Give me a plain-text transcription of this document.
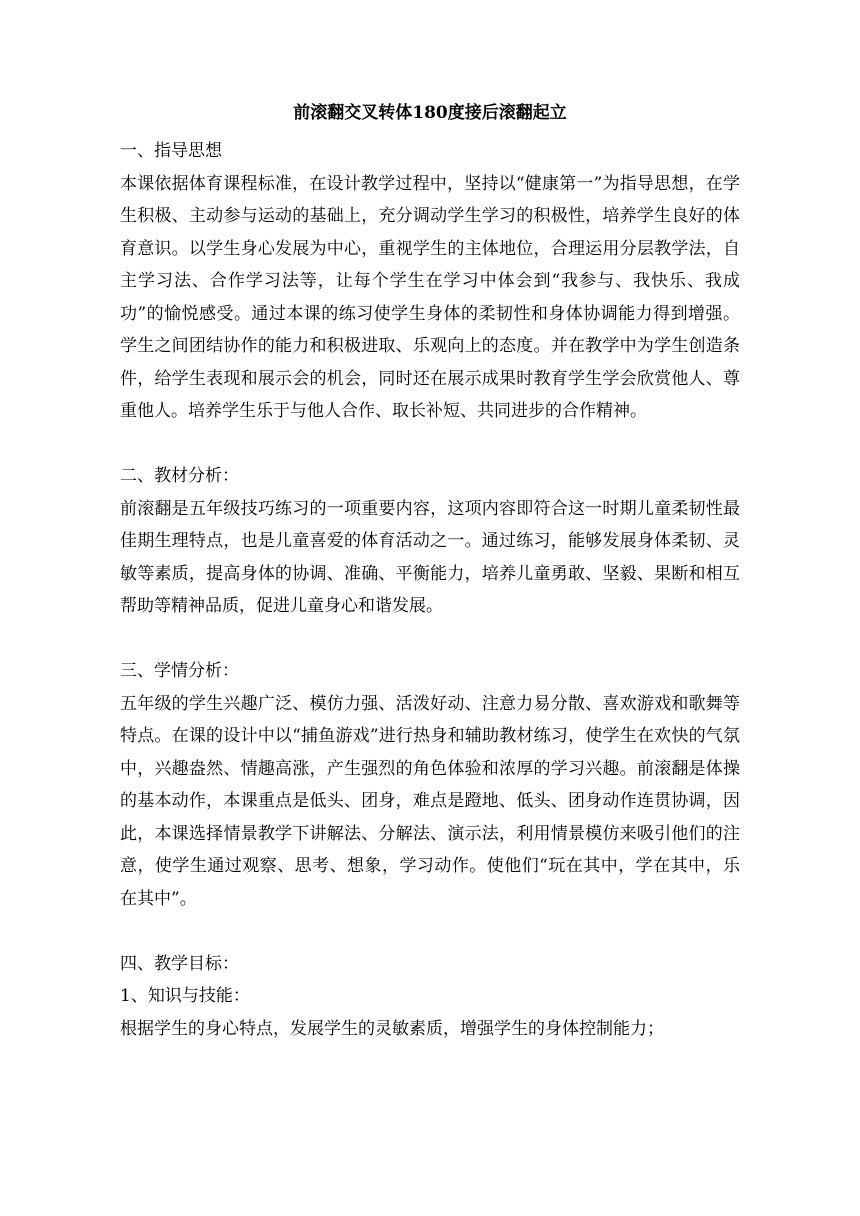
前滚翻交叉转体180度接后滚翻起立

一、指导思想

本课依据体育课程标准，在设计教学过程中，坚持以“健康第一”为指导思想，在学生积极、主动参与运动的基础上，充分调动学生学习的积极性，培养学生良好的体育意识。以学生身心发展为中心，重视学生的主体地位，合理运用分层教学法，自主学习法、合作学习法等，让每个学生在学习中体会到“我参与、我快乐、我成功”的愉悦感受。通过本课的练习使学生身体的柔韧性和身体协调能力得到增强。学生之间团结协作的能力和积极进取、乐观向上的态度。并在教学中为学生创造条件，给学生表现和展示会的机会，同时还在展示成果时教育学生学会欣赏他人、尊重他人。培养学生乐于与他人合作、取长补短、共同进步的合作精神。

二、教材分析：

前滚翻是五年级技巧练习的一项重要内容，这项内容即符合这一时期儿童柔韧性最佳期生理特点，也是儿童喜爱的体育活动之一。通过练习，能够发展身体柔韧、灵敏等素质，提高身体的协调、准确、平衡能力，培养儿童勇敢、坚毅、果断和相互帮助等精神品质，促进儿童身心和谐发展。

三、学情分析：

五年级的学生兴趣广泛、模仿力强、活泼好动、注意力易分散、喜欢游戏和歌舞等特点。在课的设计中以“捕鱼游戏”进行热身和辅助教材练习，使学生在欢快的气氛中，兴趣盎然、情趣高涨，产生强烈的角色体验和浓厚的学习兴趣。前滚翻是体操的基本动作，本课重点是低头、团身，难点是蹬地、低头、团身动作连贯协调，因此，本课选择情景教学下讲解法、分解法、演示法，利用情景模仿来吸引他们的注意，使学生通过观察、思考、想象，学习动作。使他们“玩在其中，学在其中，乐在其中”。

四、教学目标：

1、知识与技能：

根据学生的身心特点，发展学生的灵敏素质，增强学生的身体控制能力；
